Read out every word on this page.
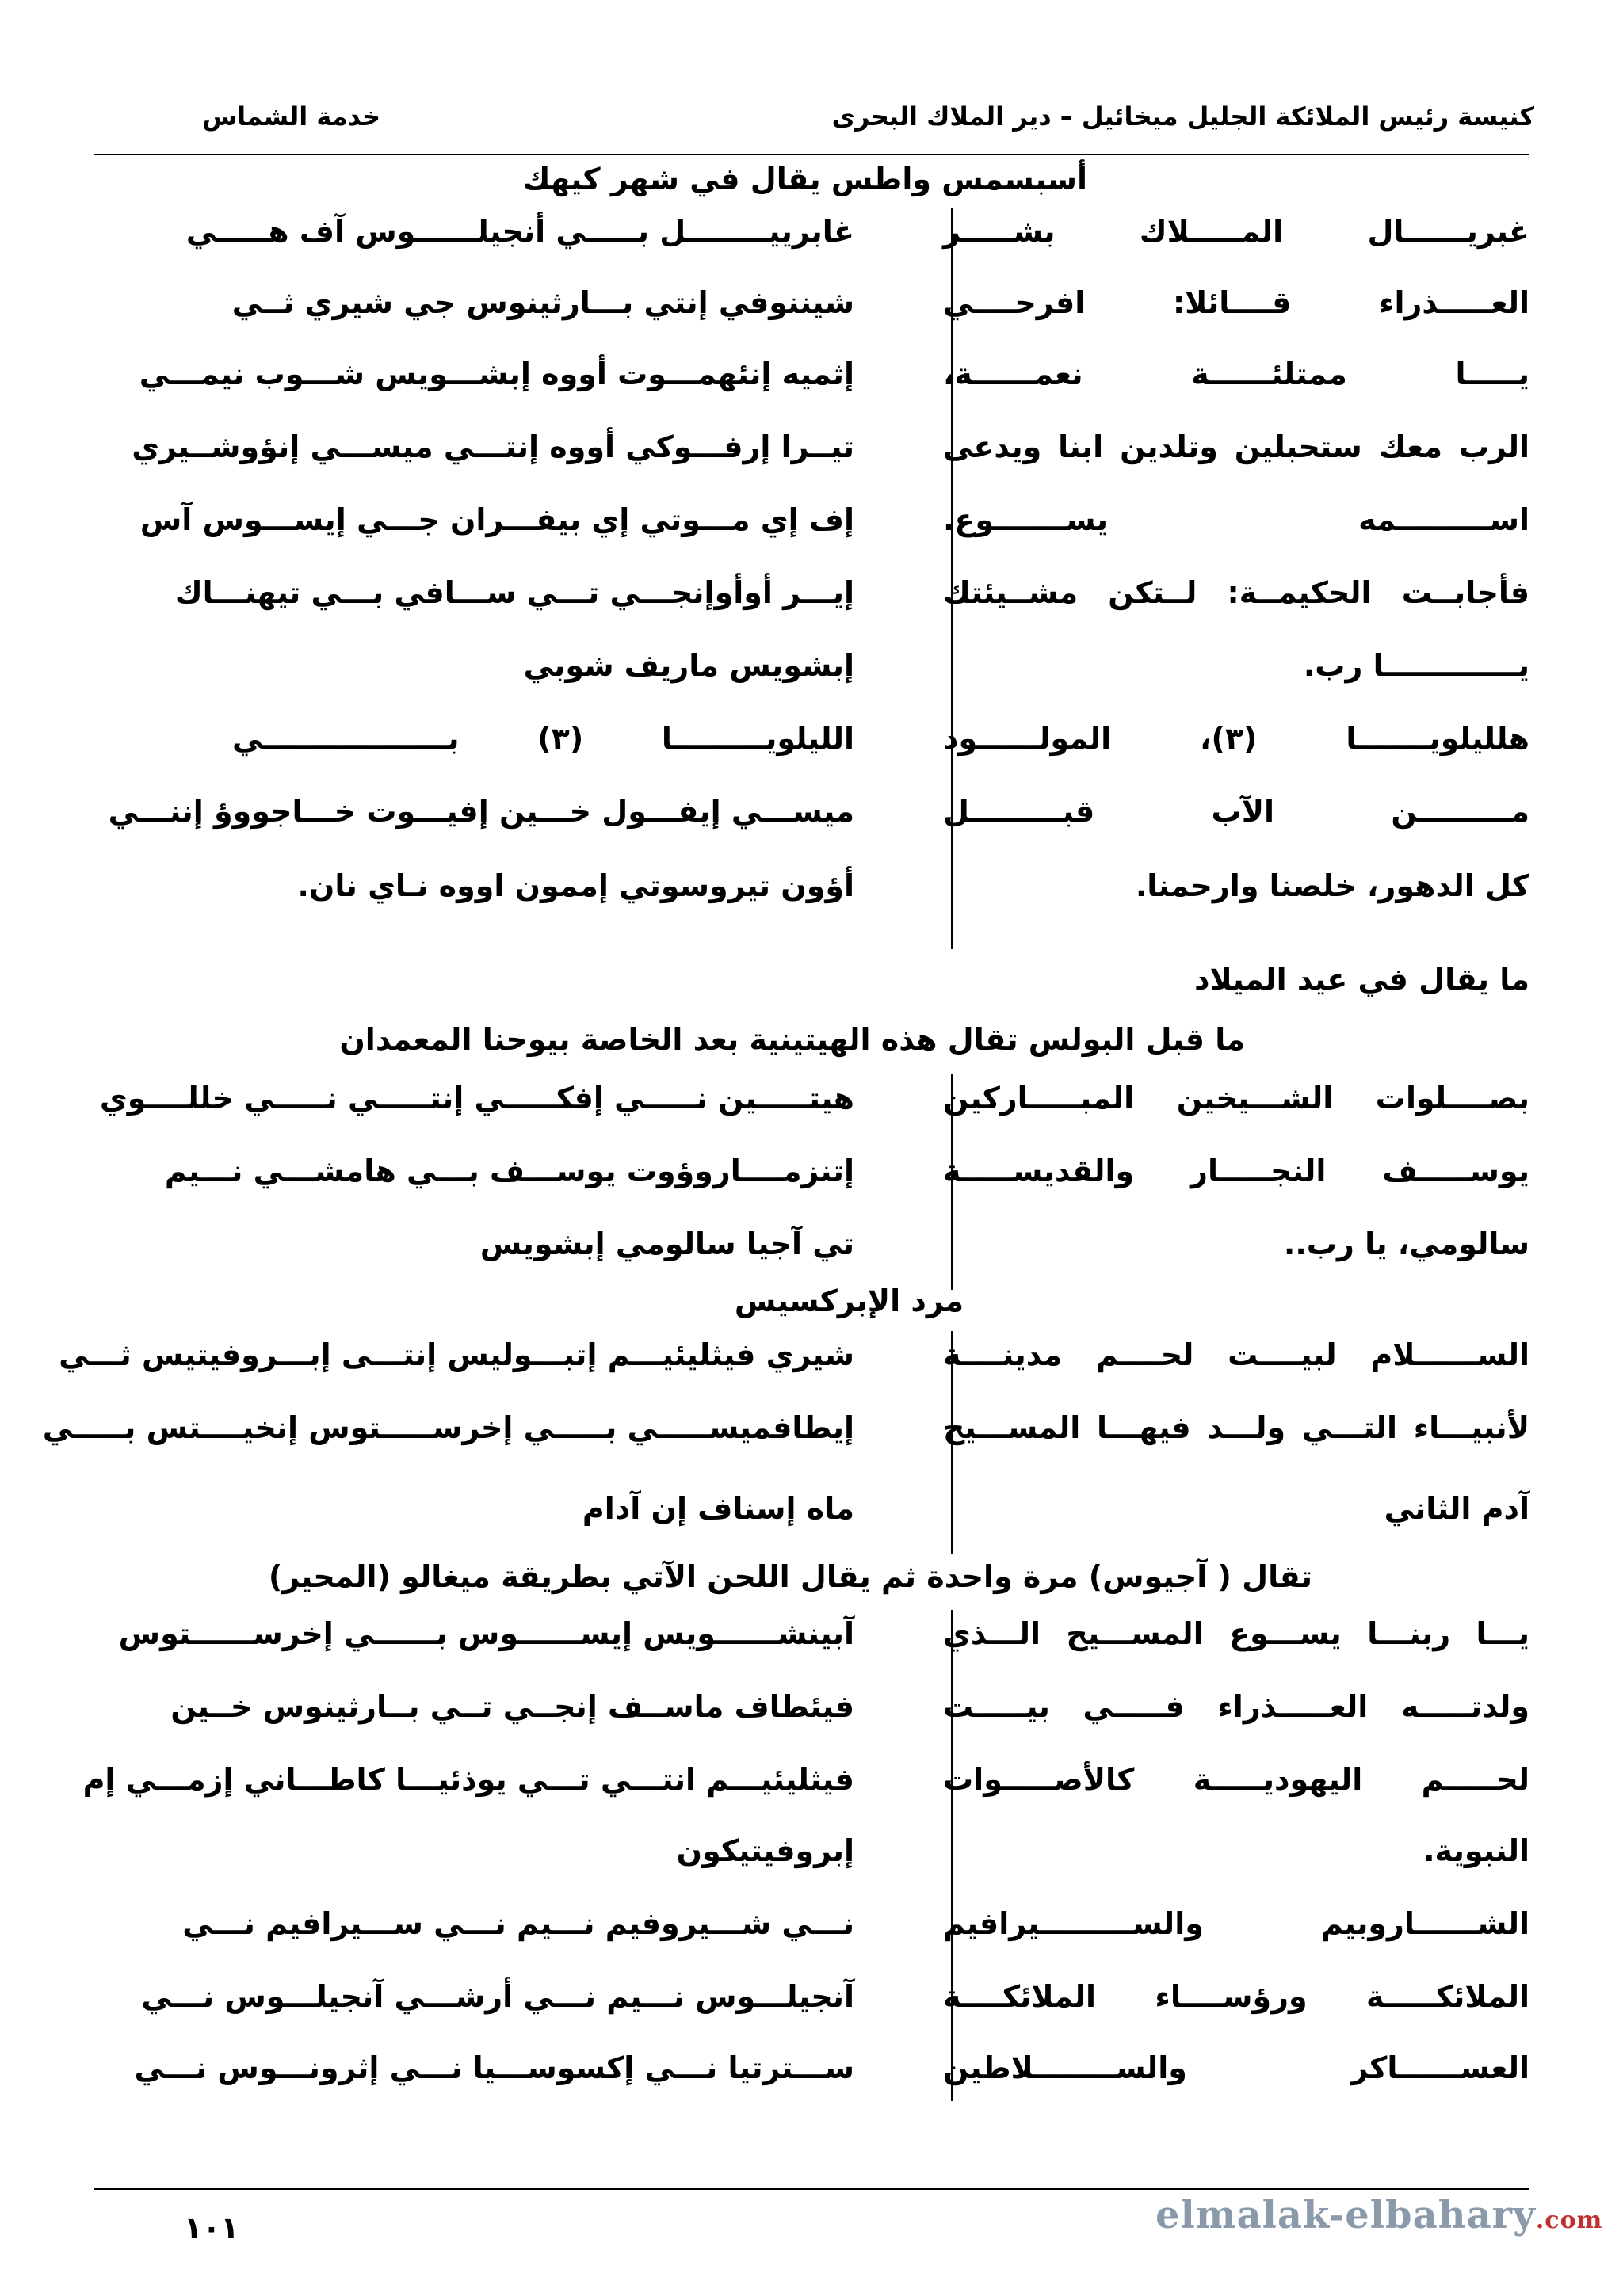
كنيسة رئيس الملائكة الجليل ميخائيل – دير الملاك البحرى
خدمة الشماس
أسبسمس واطس يقال في شهر كيهك
غبريــــــال المـــــلاك بشـــــر
غابرييــــــــل بـــــي أنجيلــــــوس آف هـــــي
العـــــذراء قــــائلا: افرحــــي
شيننوفي إنتي بـــارثينوس جي شيري ثــي
يـــــا ممتلئــــــة نعمــــــة،
إثميه إنئهمـــوت أووه إبشـــويس شـــوب نيمـــي
الرب معك ستحبلين وتلدين ابنا ويدعى
تيــرا إرفـــوكي أووه إنتـــي ميســـي إنؤوشــيري
اســـــــــمه يســـــــوع.
إف إي مـــوتي إي بيفـــران جـــي إيســـوس آس
فأجابــت الحكيمــة: لــتكن مشــيئتك
إيـــر أوأوإنجـــي تـــي ســـافي بـــي تيهنـــاك
يـــــــــــــا رب.
إبشويس ماريف شوبي
هلليلويـــــــا (٣)، المولــــــود
الليلويـــــــــا (٣) بــــــــــــــــــي
مـــــــــن الآب قبـــــــــل
ميســـي إيفـــول خـــين إفيـــوت خـــاجووؤ إننـــي
كل الدهور، خلصنا وارحمنا.
أؤون تيروسوتي إممون اووه نـاي نان.
ما يقال في عيد الميلاد
ما قبل البولس تقال هذه الهيتينية بعد الخاصة بيوحنا المعمدان
بصــــلوات الشـــيخين المبـــــاركين
هيتـــــين نـــــي إفكـــــي إنتـــــي نـــــي خللــــوي
يوســـــف النجـــــار والقديســـــة
إتنزمــــاروؤوت يوســـف بـــي هامشـــي نـــيم
سالومي، يا رب..
تي آجيا سالومي إبشويس
مرد الإبركسيس
الســــــلام لبيــــت لحــــم مدينــــة
شيري فيثليئيـــم إتبـــوليس إنتـــى إبـــروفيتيس ثـــي
لأنبيـــاء التـــي ولـــد فيهـــا المســـيح
إيطافميســـــي بـــــي إخرســـــتوس إنخيــــتس بـــــي
آدم الثاني
ماه إسناف إن آدام
تقال ( آجيوس) مرة واحدة ثم يقال اللحن الآتي بطريقة ميغالو (المحير)
يـــا ربنـــا يســـوع المســـيح الـــذي
آبينشــــــويس إيســــــوس بــــــي إخرســــــتوس
ولدتـــــه العـــــذراء فـــــي بيـــــت
فيئطاف ماســف إنجــي تــي بــارثينوس خــين
لحـــــم اليهوديـــــة كالأصـــــوات
فيثليئيـــم انتـــي تـــي يوذئيـــا كاطـــاني إزمـــي إم
النبوية.
إبروفيتيكون
الشــــــاروبيم والســـــــــيرافيم
نـــي شـــيروفيم نـــيم نـــي ســـيرافيم نـــي
الملائكـــــة ورؤســــاء الملائكــــة
آنجيلـــوس نـــيم نـــي أرشـــي آنجيلـــوس نـــي
العســــــاكر والســــــــلاطين
ســـترتيا نـــي إكسوســـيا نـــي إثرونـــوس نـــي
١٠١	elmalak-elbahary.com
